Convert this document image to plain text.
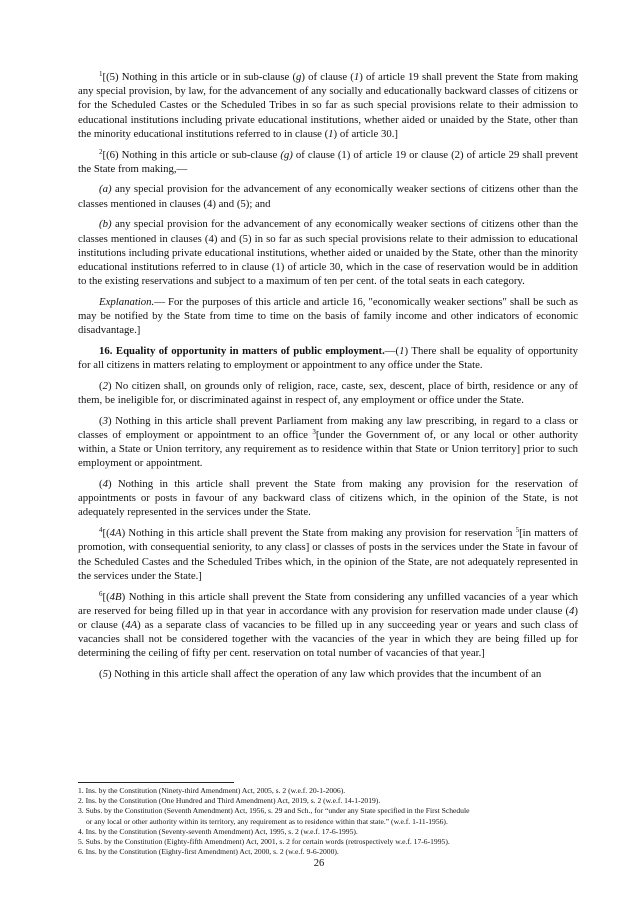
$^1$[(5) Nothing in this article or in sub-clause (g) of clause (1) of article 19 shall prevent the State from making any special provision, by law, for the advancement of any socially and educationally backward classes of citizens or for the Scheduled Castes or the Scheduled Tribes in so far as such special provisions relate to their admission to educational institutions including private educational institutions, whether aided or unaided by the State, other than the minority educational institutions referred to in clause (1) of article 30.]

$^2$[(6) Nothing in this article or sub-clause (g) of clause (1) of article 19 or clause (2) of article 29 shall prevent the State from making,—

(a) any special provision for the advancement of any economically weaker sections of citizens other than the classes mentioned in clauses (4) and (5); and

(b) any special provision for the advancement of any economically weaker sections of citizens other than the classes mentioned in clauses (4) and (5) in so far as such special provisions relate to their admission to educational institutions including private educational institutions, whether aided or unaided by the State, other than the minority educational institutions referred to in clause (1) of article 30, which in the case of reservation would be in addition to the existing reservations and subject to a maximum of ten per cent. of the total seats in each category.

Explanation.— For the purposes of this article and article 16, "economically weaker sections" shall be such as may be notified by the State from time to time on the basis of family income and other indicators of economic disadvantage.]

16. Equality of opportunity in matters of public employment.—(1) There shall be equality of opportunity for all citizens in matters relating to employment or appointment to any office under the State.

(2) No citizen shall, on grounds only of religion, race, caste, sex, descent, place of birth, residence or any of them, be ineligible for, or discriminated against in respect of, any employment or office under the State.

(3) Nothing in this article shall prevent Parliament from making any law prescribing, in regard to a class or classes of employment or appointment to an office $^3$[under the Government of, or any local or other authority within, a State or Union territory, any requirement as to residence within that State or Union territory] prior to such employment or appointment.

(4) Nothing in this article shall prevent the State from making any provision for the reservation of appointments or posts in favour of any backward class of citizens which, in the opinion of the State, is not adequately represented in the services under the State.

$^4$[(4A) Nothing in this article shall prevent the State from making any provision for reservation $^5$[in matters of promotion, with consequential seniority, to any class] or classes of posts in the services under the State in favour of the Scheduled Castes and the Scheduled Tribes which, in the opinion of the State, are not adequately represented in the services under the State.]

$^6$[(4B) Nothing in this article shall prevent the State from considering any unfilled vacancies of a year which are reserved for being filled up in that year in accordance with any provision for reservation made under clause (4) or clause (4A) as a separate class of vacancies to be filled up in any succeeding year or years and such class of vacancies shall not be considered together with the vacancies of the year in which they are being filled up for determining the ceiling of fifty per cent. reservation on total number of vacancies of that year.]

(5) Nothing in this article shall affect the operation of any law which provides that the incumbent of an

1. Ins. by the Constitution (Ninety-third Amendment) Act, 2005, s. 2 (w.e.f. 20-1-2006).

2. Ins. by the Constitution (One Hundred and Third Amendment) Act, 2019, s. 2 (w.e.f. 14-1-2019).

3. Subs. by the Constitution (Seventh Amendment) Act, 1956, s. 29 and Sch., for “under any State specified in the First Schedule

or any local or other authority within its territory, any requirement as to residence within that state.” (w.e.f. 1-11-1956).

4. Ins. by the Constitution (Seventy-seventh Amendment) Act, 1995, s. 2 (w.e.f. 17-6-1995).

5. Subs. by the Constitution (Eighty-fifth Amendment) Act, 2001, s. 2 for certain words (retrospectively w.e.f. 17-6-1995).

6. Ins. by the Constitution (Eighty-first Amendment) Act, 2000, s. 2 (w.e.f. 9-6-2000).

26
